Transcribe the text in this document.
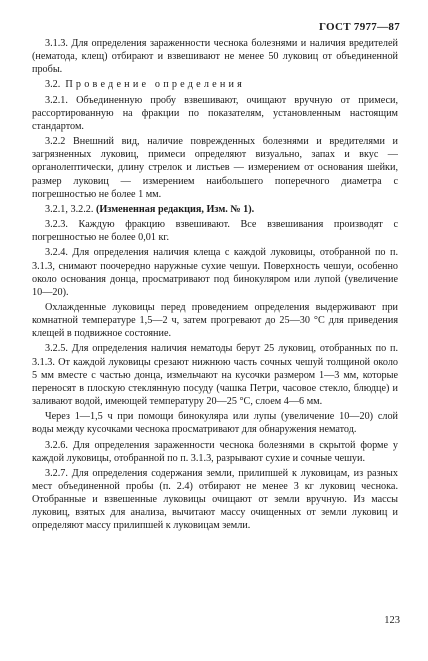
ГОСТ 7977—87

3.1.3. Для определения зараженности чеснока болезнями и наличия вредителей (нематода, клещ) отбирают и взвешивают не менее 50 луковиц от объединенной пробы.

3.2. Проведение определения

3.2.1. Объединенную пробу взвешивают, очищают вручную от примеси, рассортированную на фракции по показателям, установленным настоящим стандартом.

3.2.2 Внешний вид, наличие поврежденных болезнями и вредителями и загрязненных луковиц, примеси определяют визуально, запах и вкус — органолептически, длину стрелок и листьев — измерением от основания шейки, размер луковиц — измерением наибольшего поперечного диаметра с погрешностью не более 1 мм.

3.2.1, 3.2.2. (Измененная редакция, Изм. № 1).

3.2.3. Каждую фракцию взвешивают. Все взвешивания производят с погрешностью не более 0,01 кг.

3.2.4. Для определения наличия клеща с каждой луковицы, отобранной по п. 3.1.3, снимают поочередно наружные сухие чешуи. Поверхность чешуи, особенно около основания донца, просматривают под бинокуляром или лупой (увеличение 10—20).

Охлажденные луковицы перед проведением определения выдерживают при комнатной температуре 1,5—2 ч, затем прогревают до 25—30 °С для приведения клещей в подвижное состояние.

3.2.5. Для определения наличия нематоды берут 25 луковиц, отобранных по п. 3.1.3. От каждой луковицы срезают нижнюю часть сочных чешуй толщиной около 5 мм вместе с частью донца, измельчают на кусочки размером 1—3 мм, которые переносят в плоскую стеклянную посуду (чашка Петри, часовое стекло, блюдце) и заливают водой, имеющей температуру 20—25 °С, слоем 4—6 мм.

Через 1—1,5 ч при помощи бинокуляра или лупы (увеличение 10—20) слой воды между кусочками чеснока просматривают для обнаружения нематод.

3.2.6. Для определения зараженности чеснока болезнями в скрытой форме у каждой луковицы, отобранной по п. 3.1.3, разрывают сухие и сочные чешуи.

3.2.7. Для определения содержания земли, прилипшей к луковицам, из разных мест объединенной пробы (п. 2.4) отбирают не менее 3 кг луковиц чеснока. Отобранные и взвешенные луковицы очищают от земли вручную. Из массы луковиц, взятых для анализа, вычитают массу очищенных от земли луковиц и определяют массу прилипшей к луковицам земли.

123
